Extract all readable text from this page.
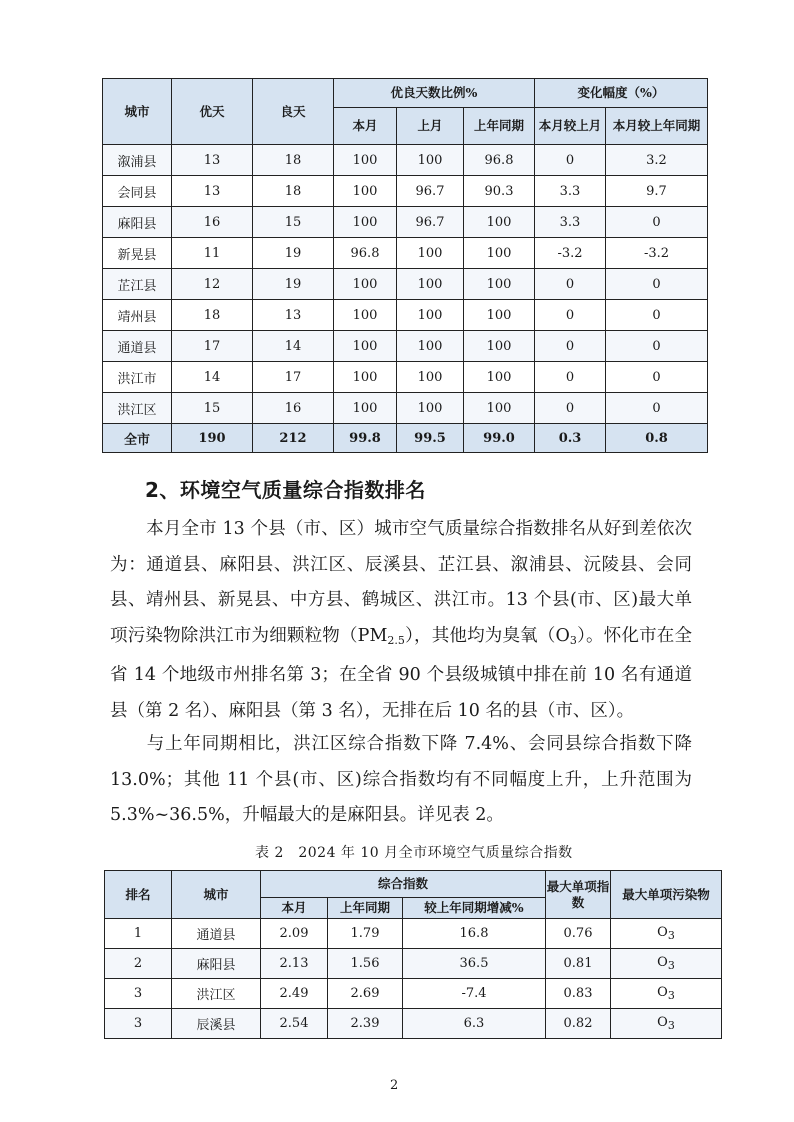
城市	优天	良天	优良天数比例%			变化幅度（%）	
			本月	上月	上年同期	本月较上月	本月较上年同期
溆浦县	13	18	100	100	96.8	0	3.2
会同县	13	18	100	96.7	90.3	3.3	9.7
麻阳县	16	15	100	96.7	100	3.3	0
新晃县	11	19	96.8	100	100	-3.2	-3.2
芷江县	12	19	100	100	100	0	0
靖州县	18	13	100	100	100	0	0
通道县	17	14	100	100	100	0	0
洪江市	14	17	100	100	100	0	0
洪江区	15	16	100	100	100	0	0
全市	190	212	99.8	99.5	99.0	0.3	0.8
2、环境空气质量综合指数排名

本月全市 13 个县（市、区）城市空气质量综合指数排名从好到差依次为：通道县、麻阳县、洪江区、辰溪县、芷江县、溆浦县、沅陵县、会同县、靖州县、新晃县、中方县、鹤城区、洪江市。13 个县(市、区)最大单项污染物除洪江市为细颗粒物$(PM_{2.5})$，其他均为臭氧$(O_3)$。怀化市在全省 14 个地级市州排名第 3；在全省 90 个县级城镇中排在前 10 名有通道县（第 2 名）、麻阳县（第 3 名），无排在后 10 名的县（市、区）。

与上年同期相比，洪江区综合指数下降 7.4%、会同县综合指数下降 13.0%；其他 11 个县(市、区)综合指数均有不同幅度上升，上升范围为 5.3%~36.5%，升幅最大的是麻阳县。详见表 2。

表 2　2024 年 10 月全市环境空气质量综合指数
排名	城市	综合指数			最大单项指数	最大单项污染物
		本月	上年同期	较上年同期增减%		
1	通道县	2.09	1.79	16.8	0.76	$O_3$
2	麻阳县	2.13	1.56	36.5	0.81	$O_3$
3	洪江区	2.49	2.69	-7.4	0.83	$O_3$
3	辰溪县	2.54	2.39	6.3	0.82	$O_3$
2
